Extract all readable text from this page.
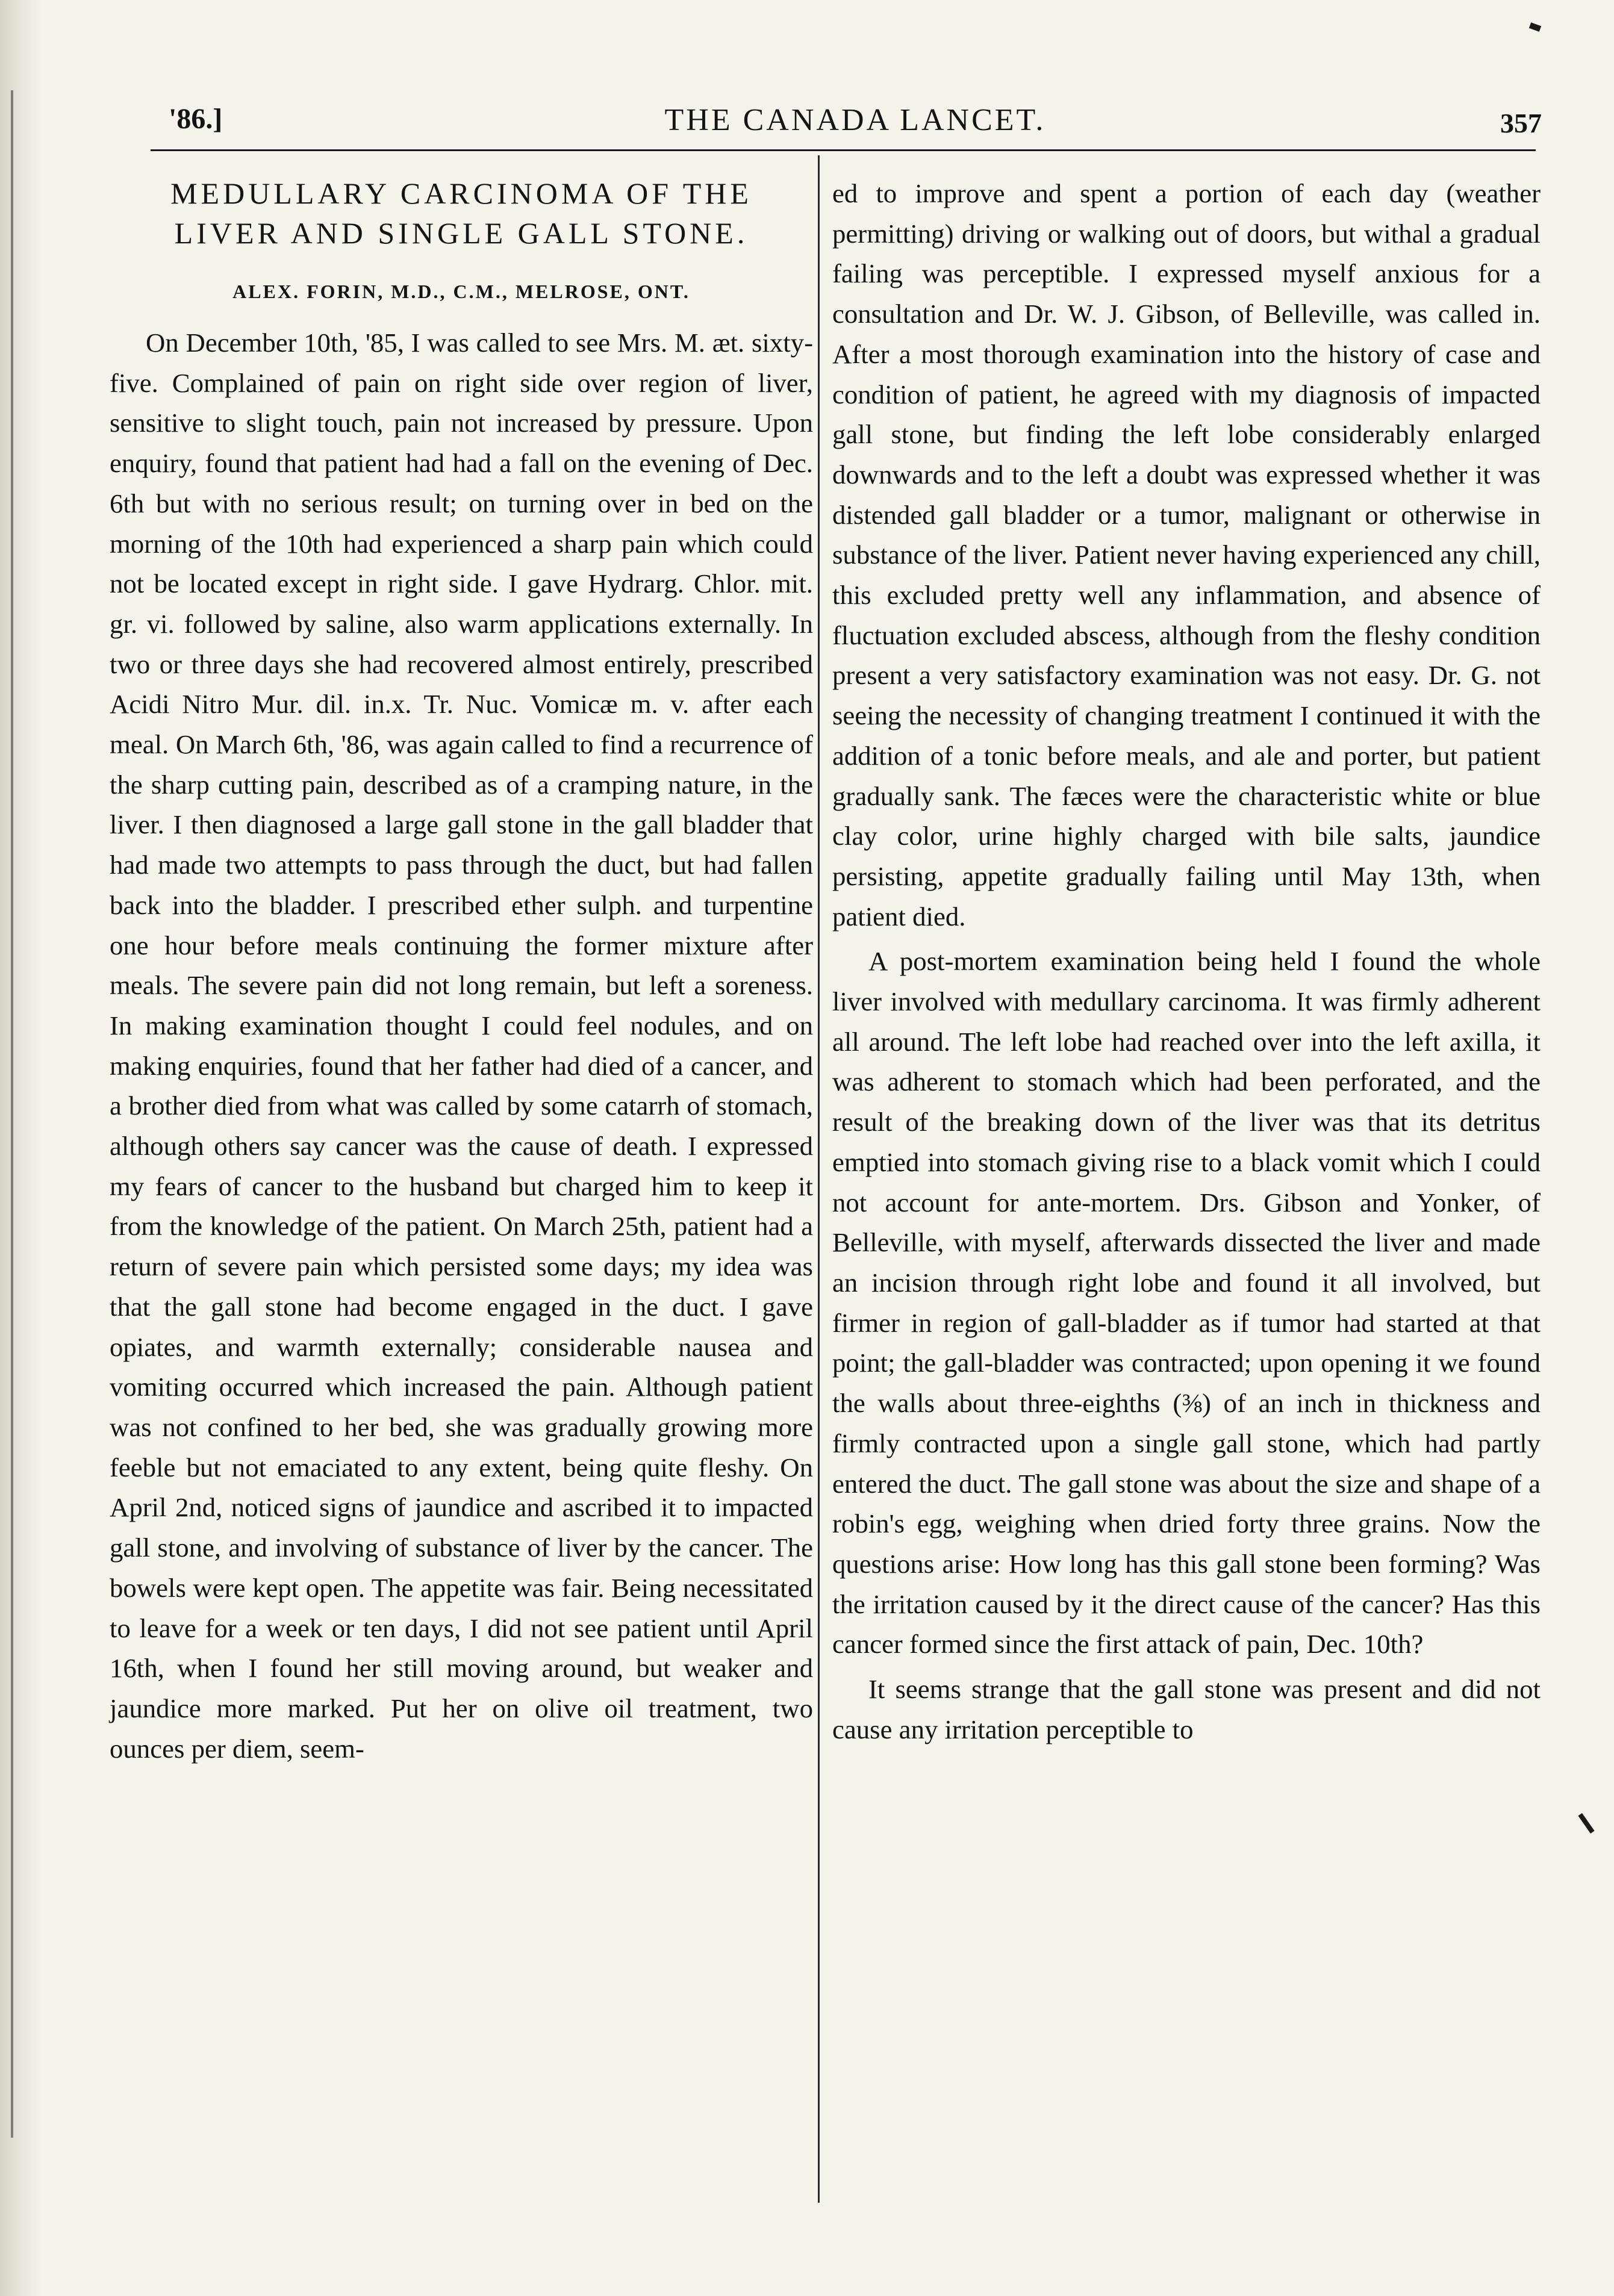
'86.]	THE CANADA LANCET.	357
MEDULLARY CARCINOMA OF THE
LIVER AND SINGLE GALL STONE.
ALEX. FORIN, M.D., C.M., MELROSE, ONT.

On December 10th, '85, I was called to see Mrs. M. æt. sixty-five. Complained of pain on right side over region of liver, sensitive to slight touch, pain not increased by pressure. Upon enquiry, found that patient had had a fall on the evening of Dec. 6th but with no serious result; on turning over in bed on the morning of the 10th had experienced a sharp pain which could not be located except in right side. I gave Hydrarg. Chlor. mit. gr. vi. followed by saline, also warm applications externally. In two or three days she had recovered almost entirely, prescribed Acidi Nitro Mur. dil. in.x. Tr. Nuc. Vomicæ m. v. after each meal. On March 6th, '86, was again called to find a recurrence of the sharp cutting pain, described as of a cramping nature, in the liver. I then diagnosed a large gall stone in the gall bladder that had made two attempts to pass through the duct, but had fallen back into the bladder. I prescribed ether sulph. and turpentine one hour before meals continuing the former mixture after meals. The severe pain did not long remain, but left a soreness. In making examination thought I could feel nodules, and on making enquiries, found that her father had died of a cancer, and a brother died from what was called by some catarrh of stomach, although others say cancer was the cause of death. I expressed my fears of cancer to the husband but charged him to keep it from the knowledge of the patient. On March 25th, patient had a return of severe pain which persisted some days; my idea was that the gall stone had become engaged in the duct. I gave opiates, and warmth externally; considerable nausea and vomiting occurred which increased the pain. Although patient was not confined to her bed, she was gradually growing more feeble but not emaciated to any extent, being quite fleshy. On April 2nd, noticed signs of jaundice and ascribed it to impacted gall stone, and involving of substance of liver by the cancer. The bowels were kept open. The appetite was fair. Being necessitated to leave for a week or ten days, I did not see patient until April 16th, when I found her still moving around, but weaker and jaundice more marked. Put her on olive oil treatment, two ounces per diem, seem-

ed to improve and spent a portion of each day (weather permitting) driving or walking out of doors, but withal a gradual failing was perceptible. I expressed myself anxious for a consultation and Dr. W. J. Gibson, of Belleville, was called in. After a most thorough examination into the history of case and condition of patient, he agreed with my diagnosis of impacted gall stone, but finding the left lobe considerably enlarged downwards and to the left a doubt was expressed whether it was distended gall bladder or a tumor, malignant or otherwise in substance of the liver. Patient never having experienced any chill, this excluded pretty well any inflammation, and absence of fluctuation excluded abscess, although from the fleshy condition present a very satisfactory examination was not easy. Dr. G. not seeing the necessity of changing treatment I continued it with the addition of a tonic before meals, and ale and porter, but patient gradually sank. The fæces were the characteristic white or blue clay color, urine highly charged with bile salts, jaundice persisting, appetite gradually failing until May 13th, when patient died.

A post-mortem examination being held I found the whole liver involved with medullary carcinoma. It was firmly adherent all around. The left lobe had reached over into the left axilla, it was adherent to stomach which had been perforated, and the result of the breaking down of the liver was that its detritus emptied into stomach giving rise to a black vomit which I could not account for ante-mortem. Drs. Gibson and Yonker, of Belleville, with myself, afterwards dissected the liver and made an incision through right lobe and found it all involved, but firmer in region of gall-bladder as if tumor had started at that point; the gall-bladder was contracted; upon opening it we found the walls about three-eighths (⅜) of an inch in thickness and firmly contracted upon a single gall stone, which had partly entered the duct. The gall stone was about the size and shape of a robin's egg, weighing when dried forty three grains. Now the questions arise: How long has this gall stone been forming? Was the irritation caused by it the direct cause of the cancer? Has this cancer formed since the first attack of pain, Dec. 10th?

It seems strange that the gall stone was present and did not cause any irritation perceptible to
